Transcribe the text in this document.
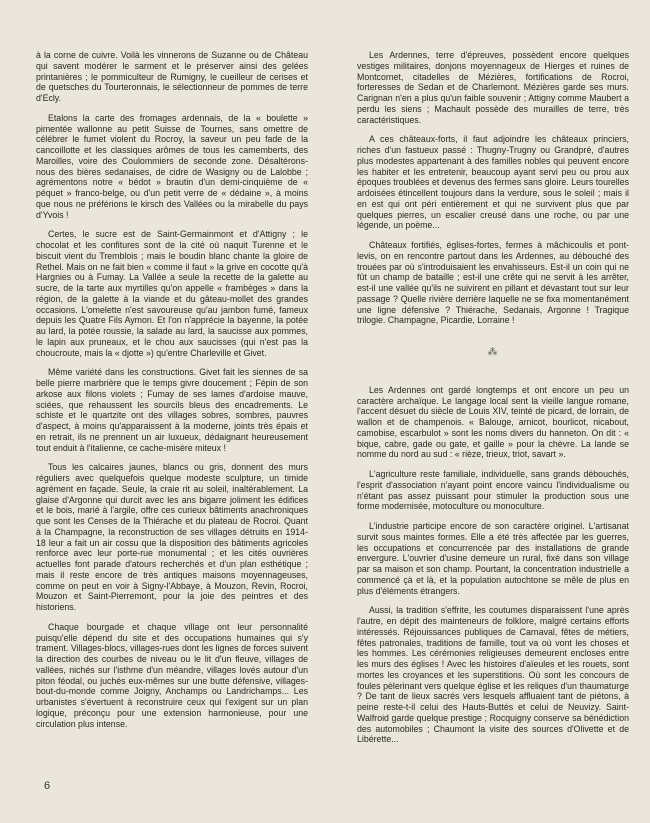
à la corne de cuivre. Voilà les vinnerons de Suzanne ou de Château qui savent modérer le sarment et le préserver ainsi des gelées printanières ; le pommiculteur de Rumigny, le cueilleur de cerises et de quetsches du Tourteronnais, le sélectionneur de pommes de terre d'Ecly.

Etalons la carte des fromages ardennais, de la « boulette » pimentée wallonne au petit Suisse de Tournes, sans omettre de célébrer le fumet violent du Rocroy, la saveur un peu fade de la cancoillotte et les classiques arômes de tous les camemberts, des Maroilles, voire des Coulommiers de seconde zone. Désaltérons-nous des bières sedanaises, de cidre de Wasigny ou de Lalobbe ; agrémentons notre « bédot » brautin d'un demi-cinquième de « péquet » franco-belge, ou d'un petit verre de « dédaine », à moins que nous ne préférions le kirsch des Vallées ou la mirabelle du pays d'Yvois !

Certes, le sucre est de Saint-Germainmont et d'Attigny ; le chocolat et les confitures sont de la cité où naquit Turenne et le biscuit vient du Tremblois ; mais le boudin blanc chante la gloire de Rethel. Mais on ne fait bien « comme il faut » la grive en cocotte qu'à Hargnies ou à Fumay. La Vallée a seule la recette de la galette au sucre, de la tarte aux myrtilles qu'on appelle « frambèges » dans la région, de la galette à la viande et du gâteau-mollet des grandes occasions. L'omelette n'est savoureuse qu'au jambon fumé, fameux depuis les Quatre Fils Aymon. Et l'on n'apprécie la bayenne, la potée au lard, la potée roussie, la salade au lard, la saucisse aux pommes, le lapin aux pruneaux, et le chou aux saucisses (qui n'est pas la choucroute, mais la « djotte ») qu'entre Charleville et Givet.

Même variété dans les constructions. Givet fait les siennes de sa belle pierre marbrière que le temps givre doucement ; Fépin de son arkose aux filons violets ; Fumay de ses lames d'ardoise mauve, sciées, que rehaussent les sourcils bleus des encadrements. Le schiste et le quartzite ont des villages sobres, sombres, pauvres d'aspect, à moins qu'apparaissent à la moderne, joints très épais et en retrait, ils ne prennent un air luxueux, dédaignant heureusement tout enduit à l'italienne, ce cache-misère miteux !

Tous les calcaires jaunes, blancs ou gris, donnent des murs réguliers avec quelquefois quelque modeste sculpture, un timide agrément en façade. Seule, la craie rit au soleil, inaltérablement. La glaise d'Argonne qui durcit avec les ans bigarre joliment les édifices et le bois, marié à l'argile, offre ces curieux bâtiments anachroniques que sont les Censes de la Thiérache et du plateau de Rocroi. Quant à la Champagne, la reconstruction de ses villages détruits en 1914-18 leur a fait un air cossu que la disposition des bâtiments agricoles renforce avec leur porte-rue monumental ; et les cités ouvrières actuelles font parade d'atours recherchés et d'un plan esthétique ; mais il reste encore de très antiques maisons moyennageuses, comme on peut en voir à Signy-l'Abbaye, à Mouzon, Revin, Rocroi, Mouzon et Saint-Pierremont, pour la joie des peintres et des historiens.

Chaque bourgade et chaque village ont leur personnalité puisqu'elle dépend du site et des occupations humaines qui s'y trament. Villages-blocs, villages-rues dont les lignes de forces suivent la direction des courbes de niveau ou le lit d'un fleuve, villages de vallées, nichés sur l'isthme d'un méandre, villages lovés autour d'un piton féodal, ou juchés eux-mêmes sur une butte défensive, villages-bout-du-monde comme Joigny, Anchamps ou Landrichamps... Les urbanistes s'évertuent à reconstruire ceux qui l'exigent sur un plan logique, préconçu pour une extension harmonieuse, pour une circulation plus intense.

Les Ardennes, terre d'épreuves, possèdent encore quelques vestiges militaires, donjons moyennageux de Hierges et ruines de Montcornet, citadelles de Mézières, fortifications de Rocroi, forteresses de Sedan et de Charlemont. Mézières garde ses murs. Carignan n'en a plus qu'un faible souvenir ; Attigny comme Maubert a perdu les siens ; Machault possède des murailles de terre, très caractéristiques.

A ces châteaux-forts, il faut adjoindre les châteaux princiers, riches d'un fastueux passé : Thugny-Trugny ou Grandpré, d'autres plus modestes appartenant à des familles nobles qui peuvent encore les habiter et les entretenir, beaucoup ayant servi peu ou prou aux époques troublées et devenus des fermes sans gloire. Leurs tourelles ardoisées étincellent toujours dans la verdure, sous le soleil ; mais il en est qui ont péri entièrement et qui ne survivent plus que par quelques pierres, un escalier creusé dans une roche, ou par une légende, un poème...

Châteaux fortifiés, églises-fortes, fermes à mâchicoulis et pont-levis, on en rencontre partout dans les Ardennes, au débouché des trouées par où s'introduisaient les envahisseurs. Est-il un coin qui ne fût un champ de bataille ; est-il une crête qui ne servit à les arrêter, est-il une vallée qu'ils ne suivirent en pillant et dévastant tout sur leur passage ? Quelle rivière derrière laquelle ne se fixa momentanément une ligne défensive ? Thiérache, Sedanais, Argonne ! Tragique trilogie. Champagne, Picardie, Lorraine !

⁂

Les Ardennes ont gardé longtemps et ont encore un peu un caractère archaïque. Le langage local sent la vieille langue romane, l'accent désuet du siècle de Louis XIV, teinté de picard, de lorrain, de wallon et de champenois. « Balouge, arnicot, bourlicot, nicabout, camobise, escarbulot » sont les noms divers du hanneton. On dit : « bique, cabre, gade ou gate, et gaille » pour la chèvre. La lande se nomme du nord au sud : « rièze, trieux, triot, savart ».

L'agriculture reste familiale, individuelle, sans grands débouchés, l'esprit d'association n'ayant point encore vaincu l'individualisme ou n'étant pas assez puissant pour stimuler la production sous une forme modernisée, motoculture ou monoculture.

L'industrie participe encore de son caractère originel. L'artisanat survit sous maintes formes. Elle a été très affectée par les guerres, les occupations et concurrencée par des installations de grande envergure. L'ouvrier d'usine demeure un rural, fixé dans son village par sa maison et son champ. Pourtant, la concentration industrielle a commencé çà et là, et la population autochtone se mêle de plus en plus d'éléments étrangers.

Aussi, la tradition s'effrite, les coutumes disparaissent l'une après l'autre, en dépit des mainteneurs de folklore, malgré certains efforts intéressés. Réjouissances publiques de Carnaval, fêtes de métiers, fêtes patronales, traditions de famille, tout va où vont les choses et les hommes. Les cérémonies religieuses demeurent encloses entre les murs des églises ! Avec les histoires d'aïeules et les rouets, sont mortes les croyances et les superstitions. Où sont les concours de foules pèlerinant vers quelque église et les reliques d'un thaumaturge ? De tant de lieux sacrés vers lesquels affluaient tant de piétons, à peine reste-t-il celui des Hauts-Buttés et celui de Neuvizy. Saint-Walfroid garde quelque prestige ; Rocquigny conserve sa bénédiction des automobiles ; Chaumont la visite des sources d'Olivette et de Libérette...

6
